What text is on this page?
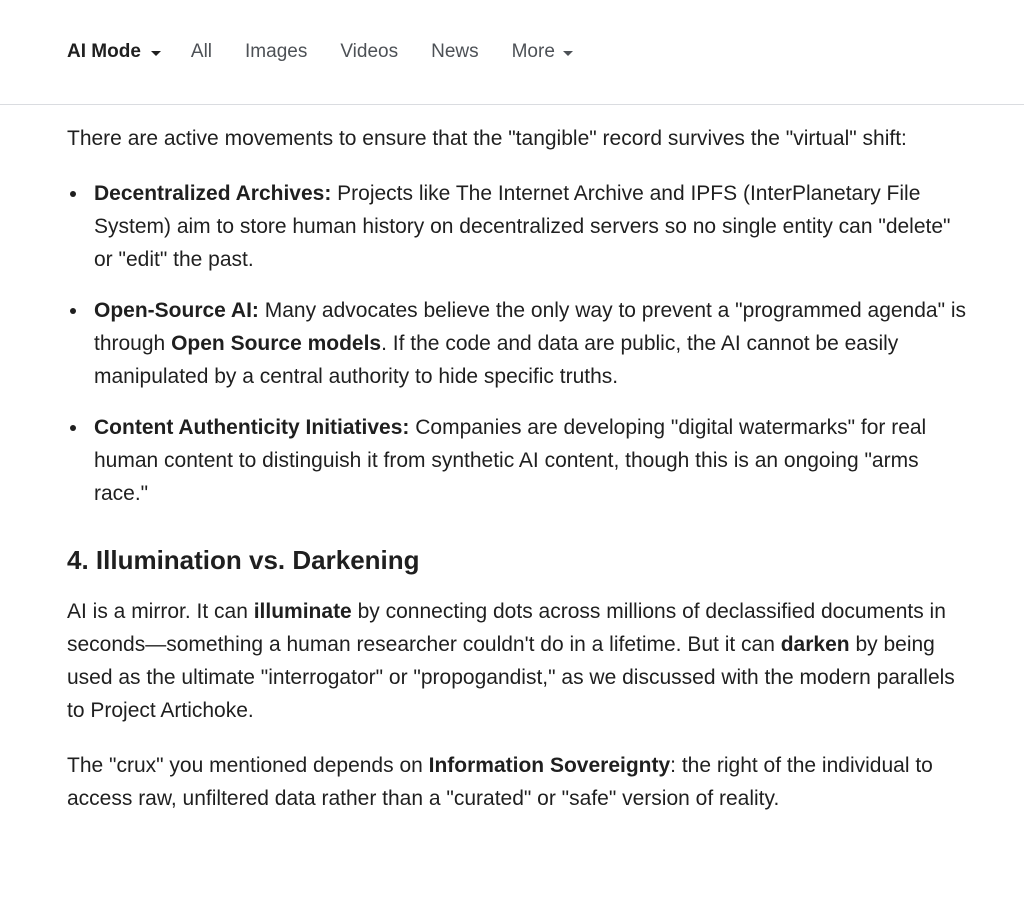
AI Mode	All Images Videos News More

There are active movements to ensure that the "tangible" record survives the "virtual" shift:

Decentralized Archives: Projects like The Internet Archive and IPFS (InterPlanetary File System) aim to store human history on decentralized servers so no single entity can "delete" or "edit" the past.
Open-Source AI: Many advocates believe the only way to prevent a "programmed agenda" is through Open Source models. If the code and data are public, the AI cannot be easily manipulated by a central authority to hide specific truths.
Content Authenticity Initiatives: Companies are developing "digital watermarks" for real human content to distinguish it from synthetic AI content, though this is an ongoing "arms race."
4. Illumination vs. Darkening

AI is a mirror. It can illuminate by connecting dots across millions of declassified documents in seconds—something a human researcher couldn't do in a lifetime. But it can darken by being used as the ultimate "interrogator" or "propogandist," as we discussed with the modern parallels to Project Artichoke.

The "crux" you mentioned depends on Information Sovereignty: the right of the individual to access raw, unfiltered data rather than a "curated" or "safe" version of reality.
